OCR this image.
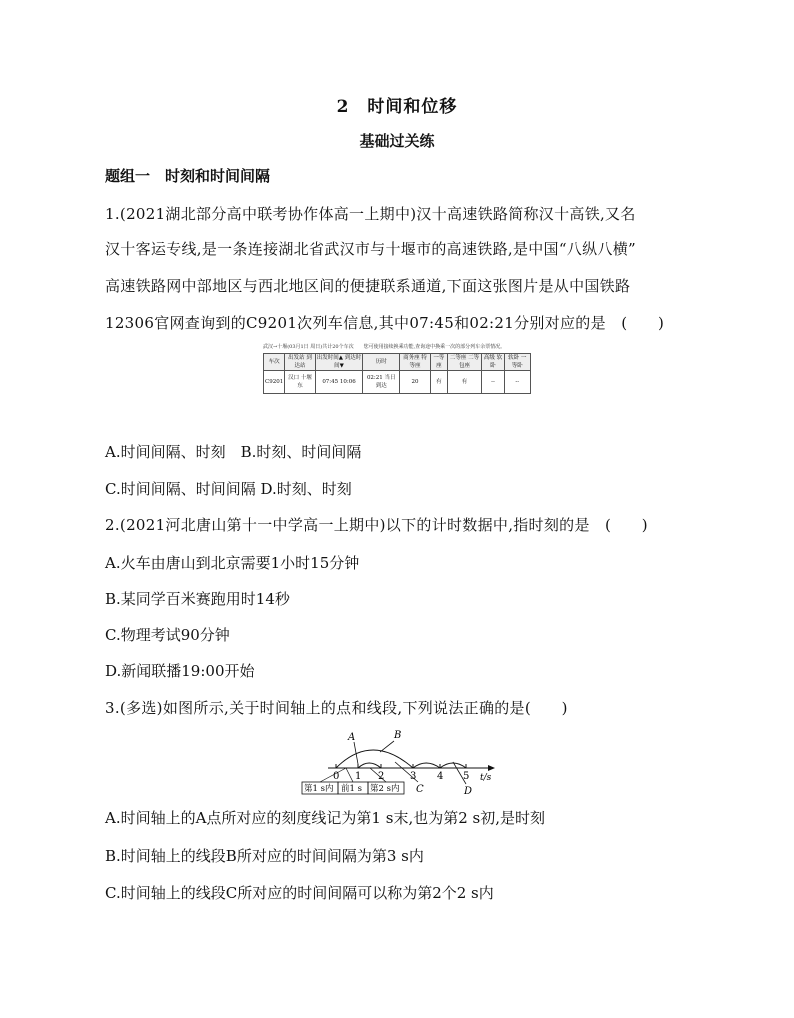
2　时间和位移
基础过关练
题组一　时刻和时间间隔
1.(2021湖北部分高中联考协作体高一上期中)汉十高速铁路简称汉十高铁,又名
汉十客运专线,是一条连接湖北省武汉市与十堰市的高速铁路,是中国“八纵八横”
高速铁路网中部地区与西北地区间的便捷联系通道,下面这张图片是从中国铁路
12306官网查询到的C9201次列车信息,其中07:45和02:21分别对应的是　(　　)
武汉→十堰(03月1日 周日)共计20个车次　　您可使用接续换乘功能,查询途中换乘一次的部分列车余票情况。
车次	出发站 到达站	出发时间▲ 到达时间▼	历时	商务座 特等座	一等座	二等座 二等包座	高级 软卧	软卧 一等卧
C9201	汉口 十堰东	07:45 10:06	02:21 当日到达	20	有	有	--	--
A.时间间隔、时刻　B.时刻、时间间隔
C.时间间隔、时间间隔 D.时刻、时刻
2.(2021河北唐山第十一中学高一上期中)以下的计时数据中,指时刻的是　(　　)
A.火车由唐山到北京需要1小时15分钟
B.某同学百米赛跑用时14秒
C.物理考试90分钟
D.新闻联播19:00开始
3.(多选)如图所示,关于时间轴上的点和线段,下列说法正确的是(　　)
0 1 2	3 4 5 t/s
A	B
C	D
第1 s内 前1 s 第2 s内
A.时间轴上的A点所对应的刻度线记为第1 s末,也为第2 s初,是时刻
B.时间轴上的线段B所对应的时间间隔为第3 s内
C.时间轴上的线段C所对应的时间间隔可以称为第2个2 s内
